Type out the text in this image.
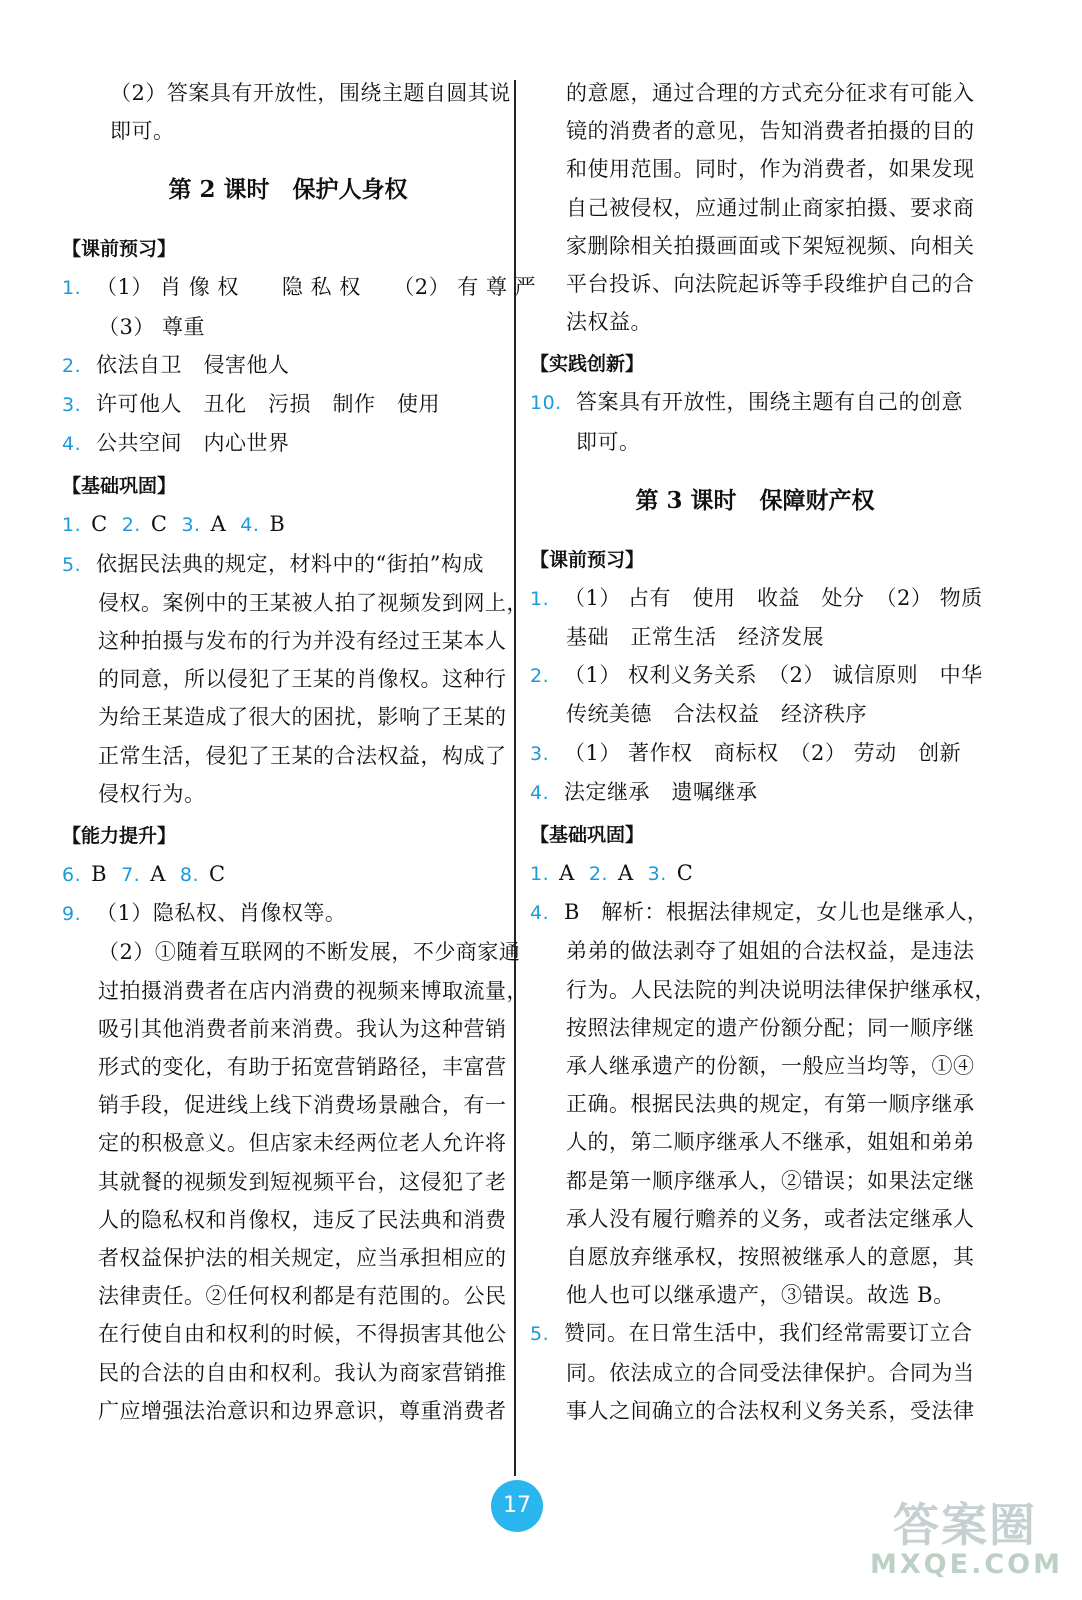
（2）答案具有开放性，围绕主题自圆其说
即可。
第 2 课时　保护人身权
【课前预习】
1. （1） 肖 像 权　　隐 私 权　　（2） 有 尊 严
（3） 尊重
2. 依法自卫　侵害他人
3. 许可他人　丑化　污损　制作　使用
4. 公共空间　内心世界
【基础巩固】
1. C 2. C 3. A 4. B
5. 依据民法典的规定，材料中的“街拍”构成
侵权。案例中的王某被人拍了视频发到网上，
这种拍摄与发布的行为并没有经过王某本人
的同意，所以侵犯了王某的肖像权。这种行
为给王某造成了很大的困扰，影响了王某的
正常生活，侵犯了王某的合法权益，构成了
侵权行为。
【能力提升】
6. B 7. A 8. C
9. （1）隐私权、肖像权等。
（2）①随着互联网的不断发展，不少商家通
过拍摄消费者在店内消费的视频来博取流量，
吸引其他消费者前来消费。我认为这种营销
形式的变化，有助于拓宽营销路径，丰富营
销手段，促进线上线下消费场景融合，有一
定的积极意义。但店家未经两位老人允许将
其就餐的视频发到短视频平台，这侵犯了老
人的隐私权和肖像权，违反了民法典和消费
者权益保护法的相关规定，应当承担相应的
法律责任。②任何权利都是有范围的。公民
在行使自由和权利的时候，不得损害其他公
民的合法的自由和权利。我认为商家营销推
广应增强法治意识和边界意识，尊重消费者
的意愿，通过合理的方式充分征求有可能入
镜的消费者的意见，告知消费者拍摄的目的
和使用范围。同时，作为消费者，如果发现
自己被侵权，应通过制止商家拍摄、要求商
家删除相关拍摄画面或下架短视频、向相关
平台投诉、向法院起诉等手段维护自己的合
法权益。
【实践创新】
10. 答案具有开放性，围绕主题有自己的创意
即可。
第 3 课时　保障财产权
【课前预习】
1. （1） 占有　使用　收益　处分　（2） 物质
基础　正常生活　经济发展
2. （1） 权利义务关系　（2） 诚信原则　中华
传统美德　合法权益　经济秩序
3. （1） 著作权　商标权　（2） 劳动　创新
4. 法定继承　遗嘱继承
【基础巩固】
1. A 2. A 3. C
4. B　解析：根据法律规定，女儿也是继承人，
弟弟的做法剥夺了姐姐的合法权益，是违法
行为。人民法院的判决说明法律保护继承权，
按照法律规定的遗产份额分配；同一顺序继
承人继承遗产的份额，一般应当均等，①④
正确。根据民法典的规定，有第一顺序继承
人的，第二顺序继承人不继承，姐姐和弟弟
都是第一顺序继承人，②错误；如果法定继
承人没有履行赡养的义务，或者法定继承人
自愿放弃继承权，按照被继承人的意愿，其
他人也可以继承遗产，③错误。故选 B。
5. 赞同。在日常生活中，我们经常需要订立合
同。依法成立的合同受法律保护。合同为当
事人之间确立的合法权利义务关系，受法律
17	答案圈
MXQE.COM
